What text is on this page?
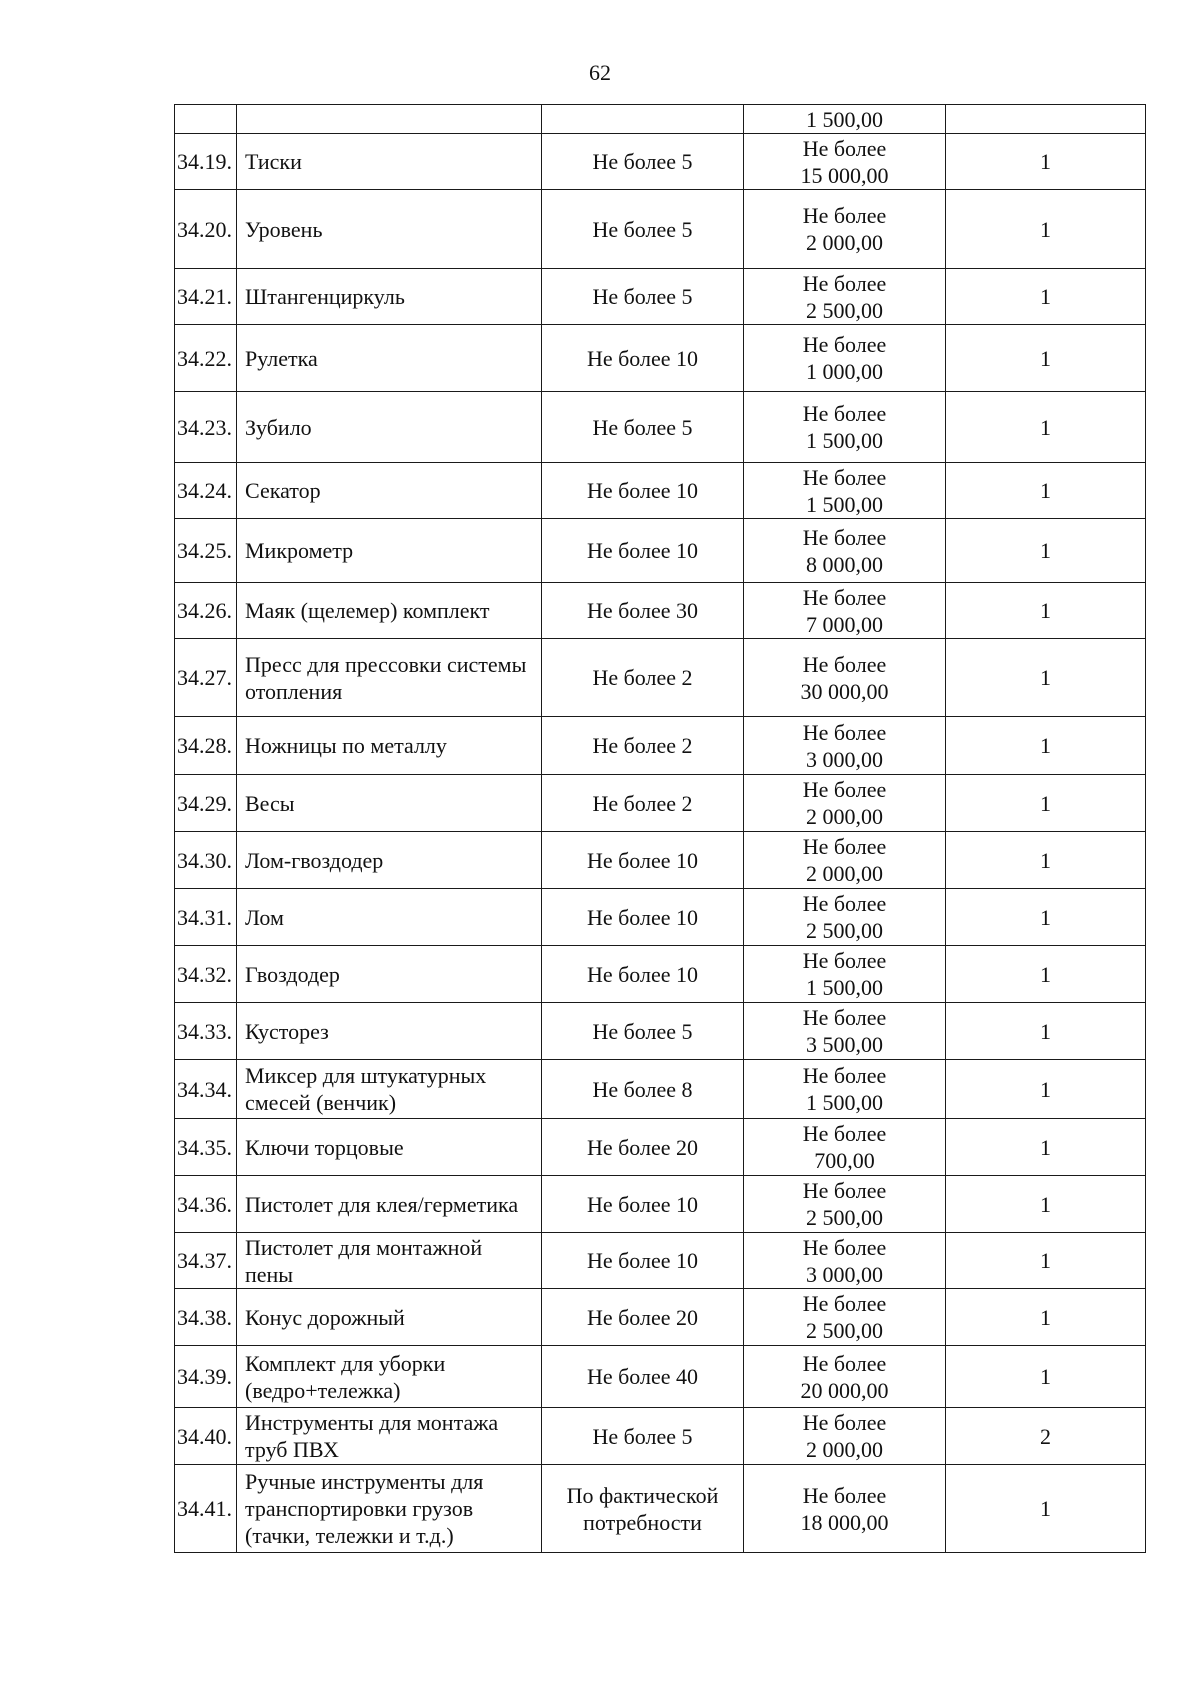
62
			1 500,00	
34.19.	Тиски	Не более 5	Не более
15 000,00	1
34.20.	Уровень	Не более 5	Не более
2 000,00	1
34.21.	Штангенциркуль	Не более 5	Не более
2 500,00	1
34.22.	Рулетка	Не более 10	Не более
1 000,00	1
34.23.	Зубило	Не более 5	Не более
1 500,00	1
34.24.	Секатор	Не более 10	Не более
1 500,00	1
34.25.	Микрометр	Не более 10	Не более
8 000,00	1
34.26.	Маяк (щелемер) комплект	Не более 30	Не более
7 000,00	1
34.27.	Пресс для прессовки системы отопления	Не более 2	Не более
30 000,00	1
34.28.	Ножницы по металлу	Не более 2	Не более
3 000,00	1
34.29.	Весы	Не более 2	Не более
2 000,00	1
34.30.	Лом-гвоздодер	Не более 10	Не более
2 000,00	1
34.31.	Лом	Не более 10	Не более
2 500,00	1
34.32.	Гвоздодер	Не более 10	Не более
1 500,00	1
34.33.	Кусторез	Не более 5	Не более
3 500,00	1
34.34.	Миксер для штукатурных смесей (венчик)	Не более 8	Не более
1 500,00	1
34.35.	Ключи торцовые	Не более 20	Не более
700,00	1
34.36.	Пистолет для клея/герметика	Не более 10	Не более
2 500,00	1
34.37.	Пистолет для монтажной пены	Не более 10	Не более
3 000,00	1
34.38.	Конус дорожный	Не более 20	Не более
2 500,00	1
34.39.	Комплект для уборки (ведро+тележка)	Не более 40	Не более
20 000,00	1
34.40.	Инструменты для монтажа труб ПВХ	Не более 5	Не более
2 000,00	2
34.41.	Ручные инструменты для транспортировки грузов (тачки, тележки и т.д.)	По фактической потребности	Не более
18 000,00	1
